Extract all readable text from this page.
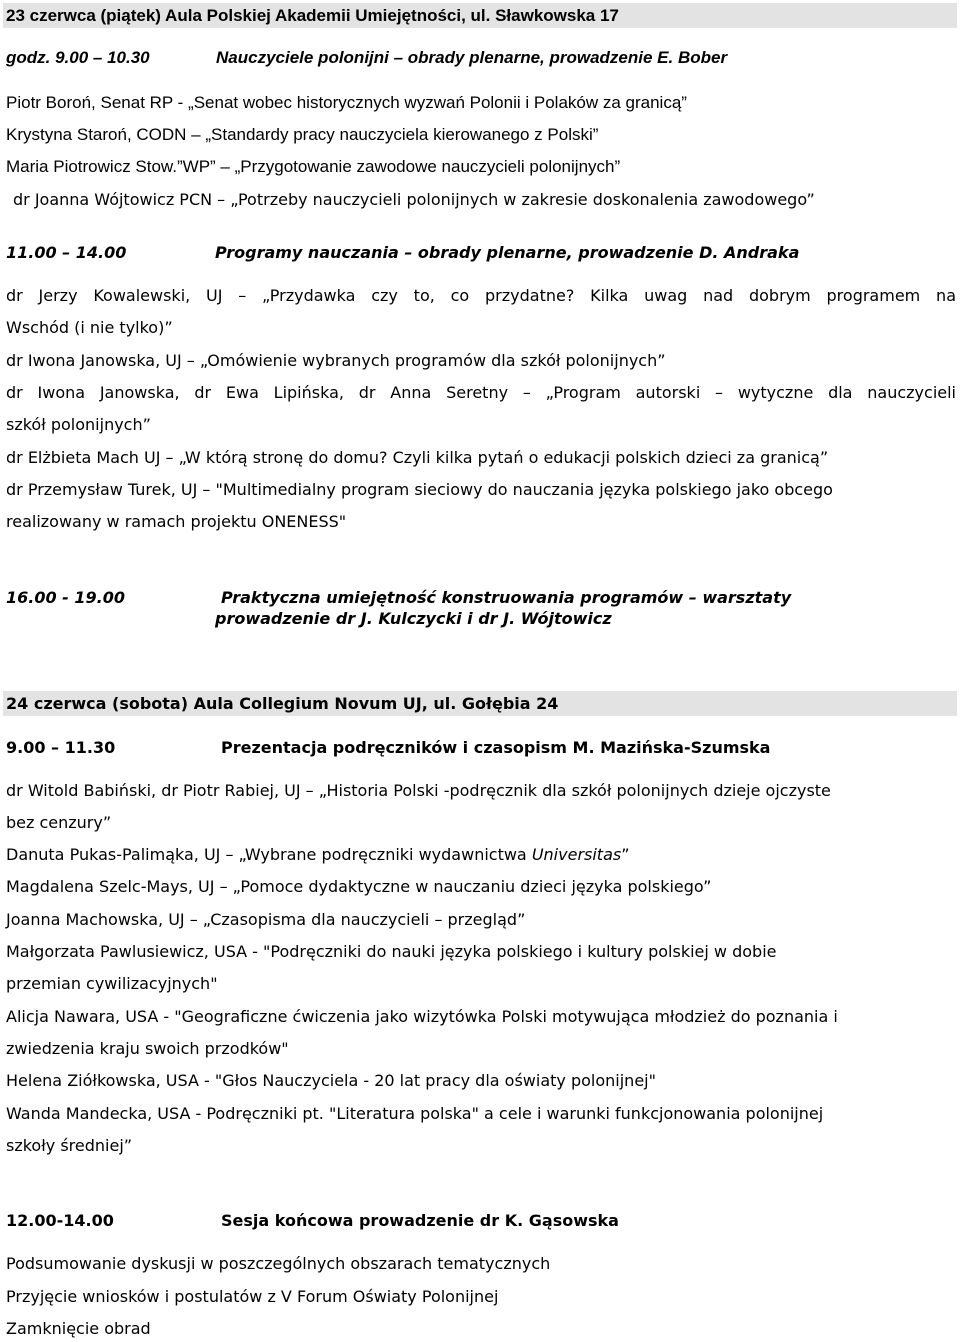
23 czerwca (piątek) Aula Polskiej Akademii Umiejętności, ul. Sławkowska 17
godz. 9.00 – 10.30	Nauczyciele polonijni – obrady plenarne, prowadzenie E. Bober
Piotr Boroń, Senat RP - „Senat wobec historycznych wyzwań Polonii i Polaków za granicą”
Krystyna Staroń, CODN – „Standardy pracy nauczyciela kierowanego z Polski”
Maria Piotrowicz Stow.”WP” – „Przygotowanie zawodowe nauczycieli polonijnych”
dr Joanna Wójtowicz PCN – „Potrzeby nauczycieli polonijnych w zakresie doskonalenia zawodowego”
11.00 – 14.00	Programy nauczania – obrady plenarne, prowadzenie D. Andraka
dr Jerzy Kowalewski, UJ – „Przydawka czy to, co przydatne? Kilka uwag nad dobrym programem na
Wschód (i nie tylko)”
dr Iwona Janowska, UJ – „Omówienie wybranych programów dla szkół polonijnych”
dr Iwona Janowska, dr Ewa Lipińska, dr Anna Seretny – „Program autorski – wytyczne dla nauczycieli
szkół polonijnych”
dr Elżbieta Mach UJ – „W którą stronę do domu? Czyli kilka pytań o edukacji polskich dzieci za granicą”
dr Przemysław Turek, UJ – "Multimedialny program sieciowy do nauczania języka polskiego jako obcego
realizowany w ramach projektu ONENESS"
16.00 - 19.00	Praktyczna umiejętność konstruowania programów – warsztaty
prowadzenie dr J. Kulczycki i dr J. Wójtowicz
24 czerwca (sobota) Aula Collegium Novum UJ, ul. Gołębia 24
9.00 – 11.30	Prezentacja podręczników i czasopism M. Mazińska-Szumska
dr Witold Babiński, dr Piotr Rabiej, UJ – „Historia Polski -podręcznik dla szkół polonijnych dzieje ojczyste
bez cenzury”
Danuta Pukas-Palimąka, UJ – „Wybrane podręczniki wydawnictwa Universitas”
Magdalena Szelc-Mays, UJ – „Pomoce dydaktyczne w nauczaniu dzieci języka polskiego”
Joanna Machowska, UJ – „Czasopisma dla nauczycieli – przegląd”
Małgorzata Pawlusiewicz, USA - "Podręczniki do nauki języka polskiego i kultury polskiej w dobie
przemian cywilizacyjnych"
Alicja Nawara, USA - "Geograficzne ćwiczenia jako wizytówka Polski motywująca młodzież do poznania i
zwiedzenia kraju swoich przodków"
Helena Ziółkowska, USA - "Głos Nauczyciela - 20 lat pracy dla oświaty polonijnej"
Wanda Mandecka, USA - Podręczniki pt. "Literatura polska" a cele i warunki funkcjonowania polonijnej
szkoły średniej”
12.00-14.00	Sesja końcowa prowadzenie dr K. Gąsowska
Podsumowanie dyskusji w poszczególnych obszarach tematycznych
Przyjęcie wniosków i postulatów z V Forum Oświaty Polonijnej
Zamknięcie obrad
